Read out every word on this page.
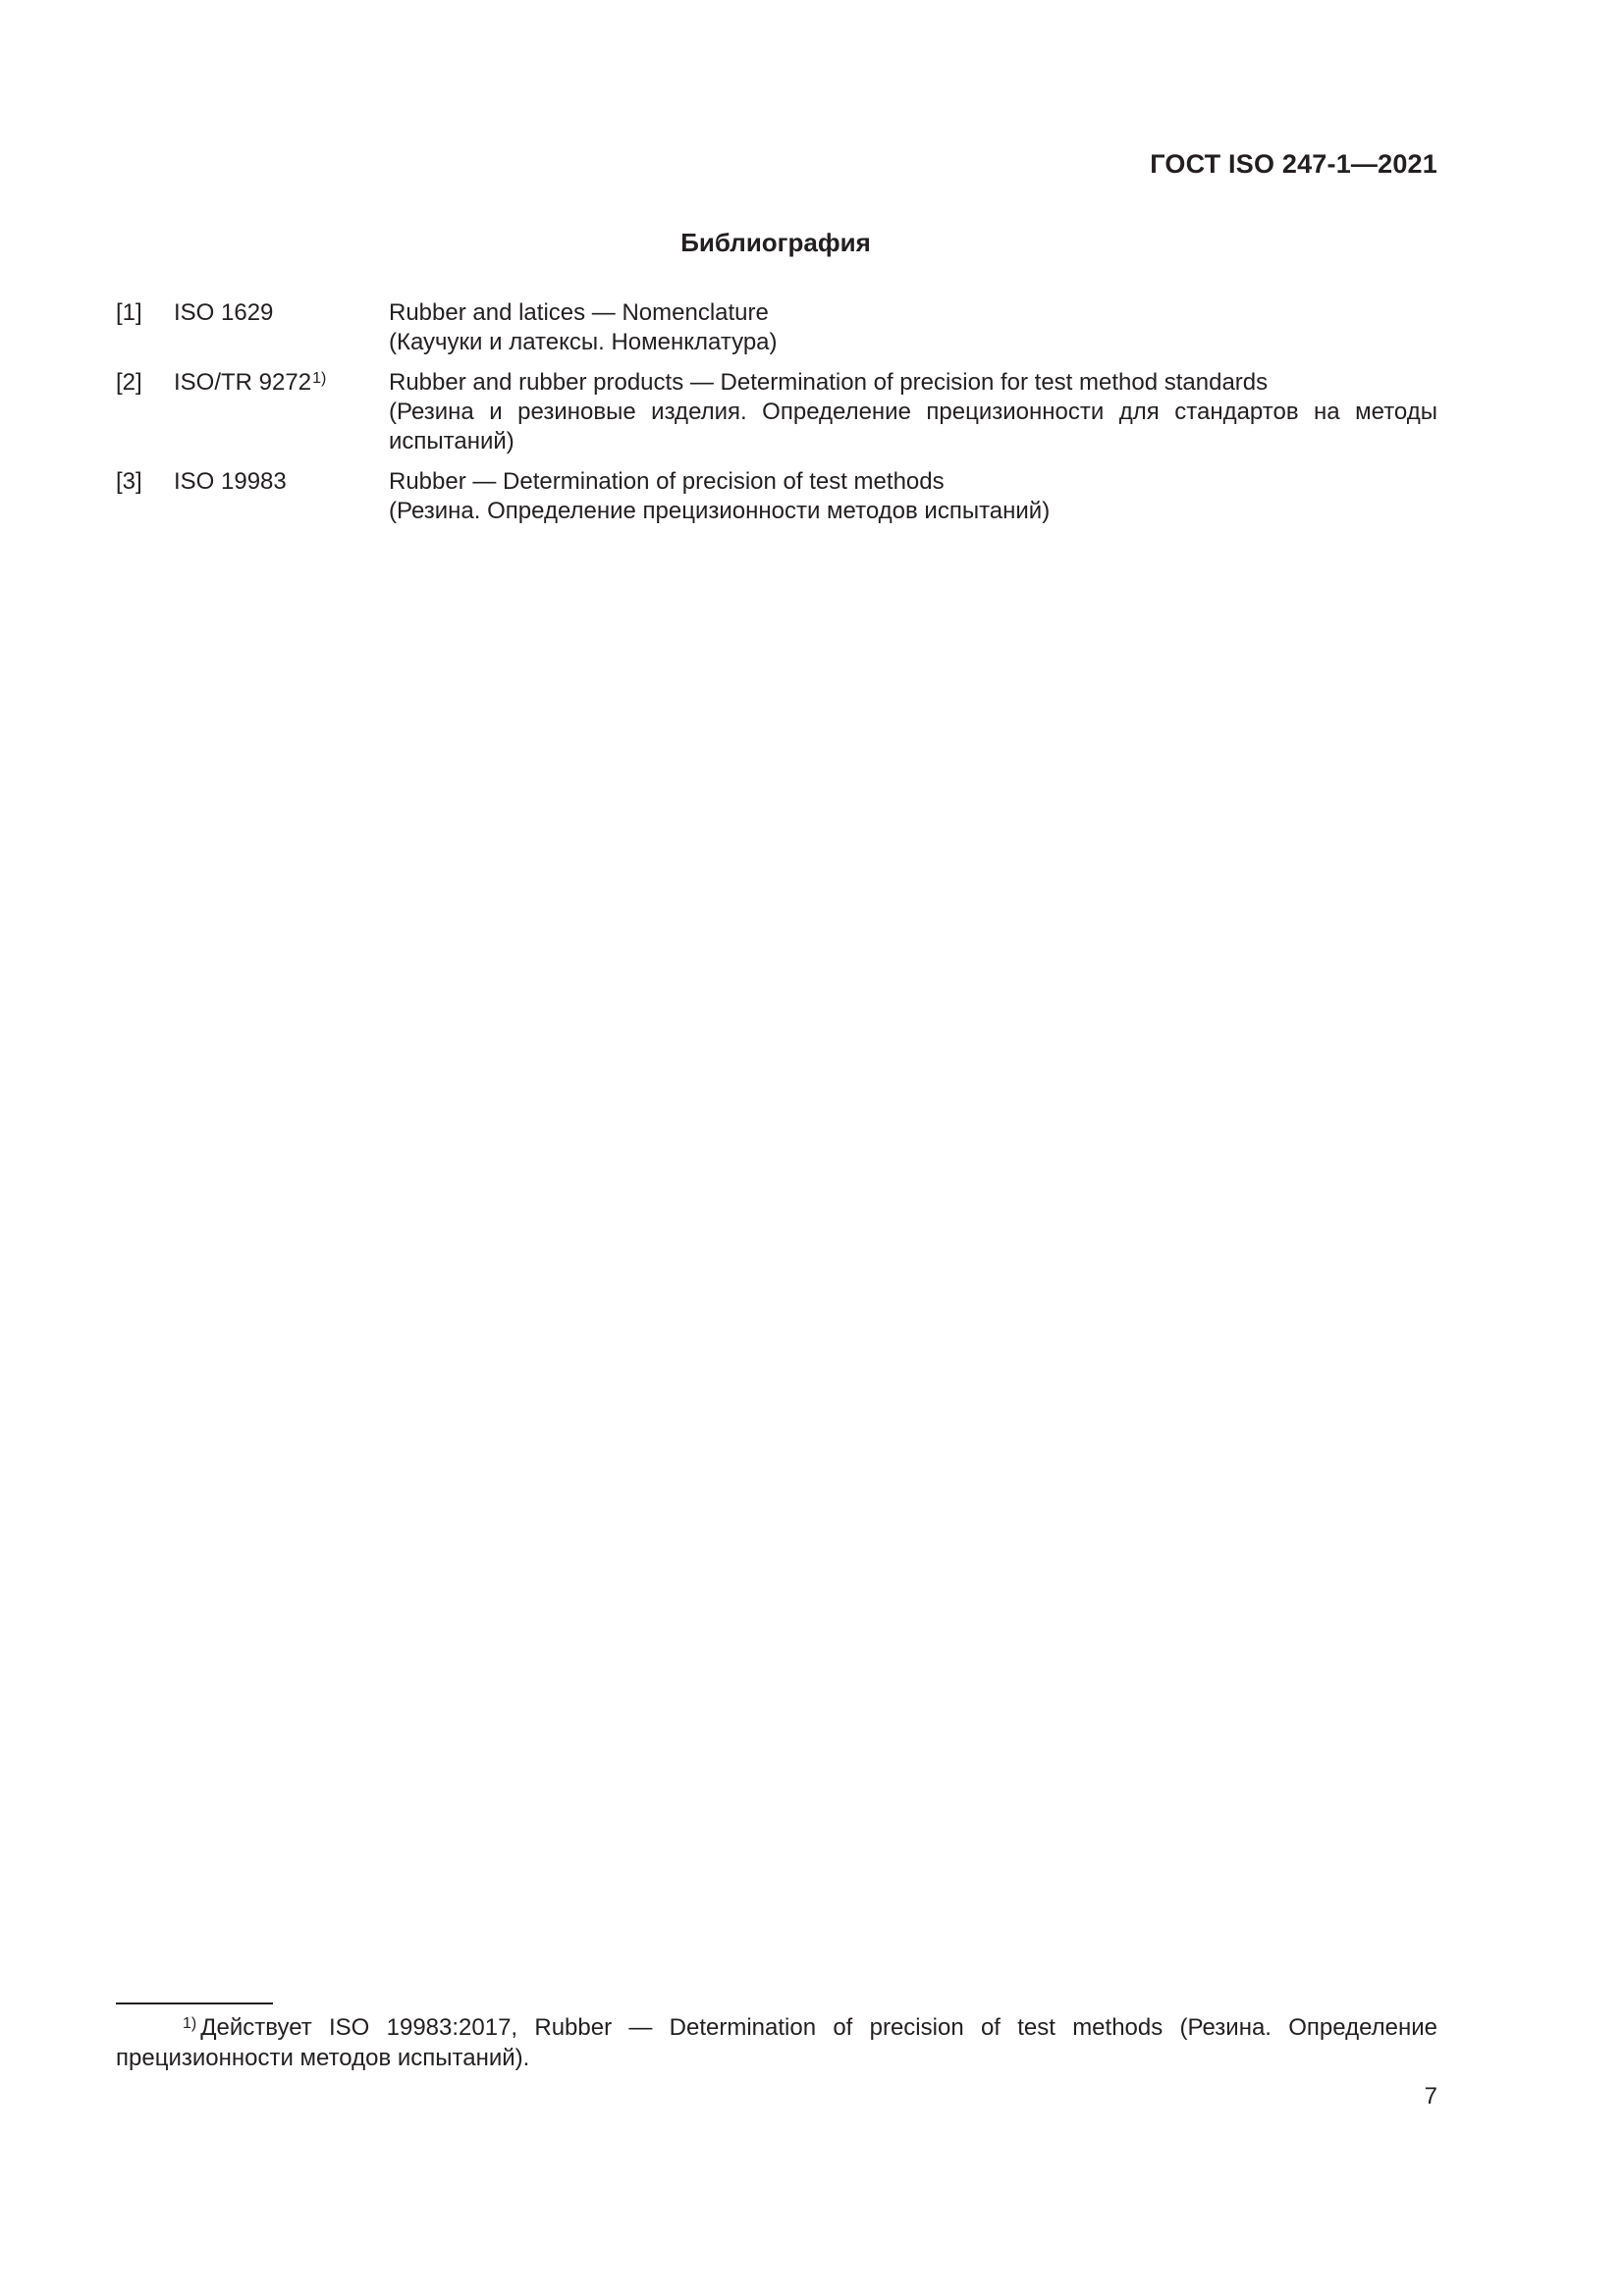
ГОСТ ISO 247-1—2021
Библиография
[1] ISO 1629	Rubber and latices — Nomenclature
(Каучуки и латексы. Номенклатура)
[2] ISO/TR 9272$^{1)}$	Rubber and rubber products — Determination of precision for test method standards
(Резина и резиновые изделия. Определение прецизионности для стандартов на методы испытаний)
[3] ISO 19983	Rubber — Determination of precision of test methods
(Резина. Определение прецизионности методов испытаний)
$^{1)}$ Действует ISO 19983:2017, Rubber — Determination of precision of test methods (Резина. Определение прецизионности методов испытаний).
7
